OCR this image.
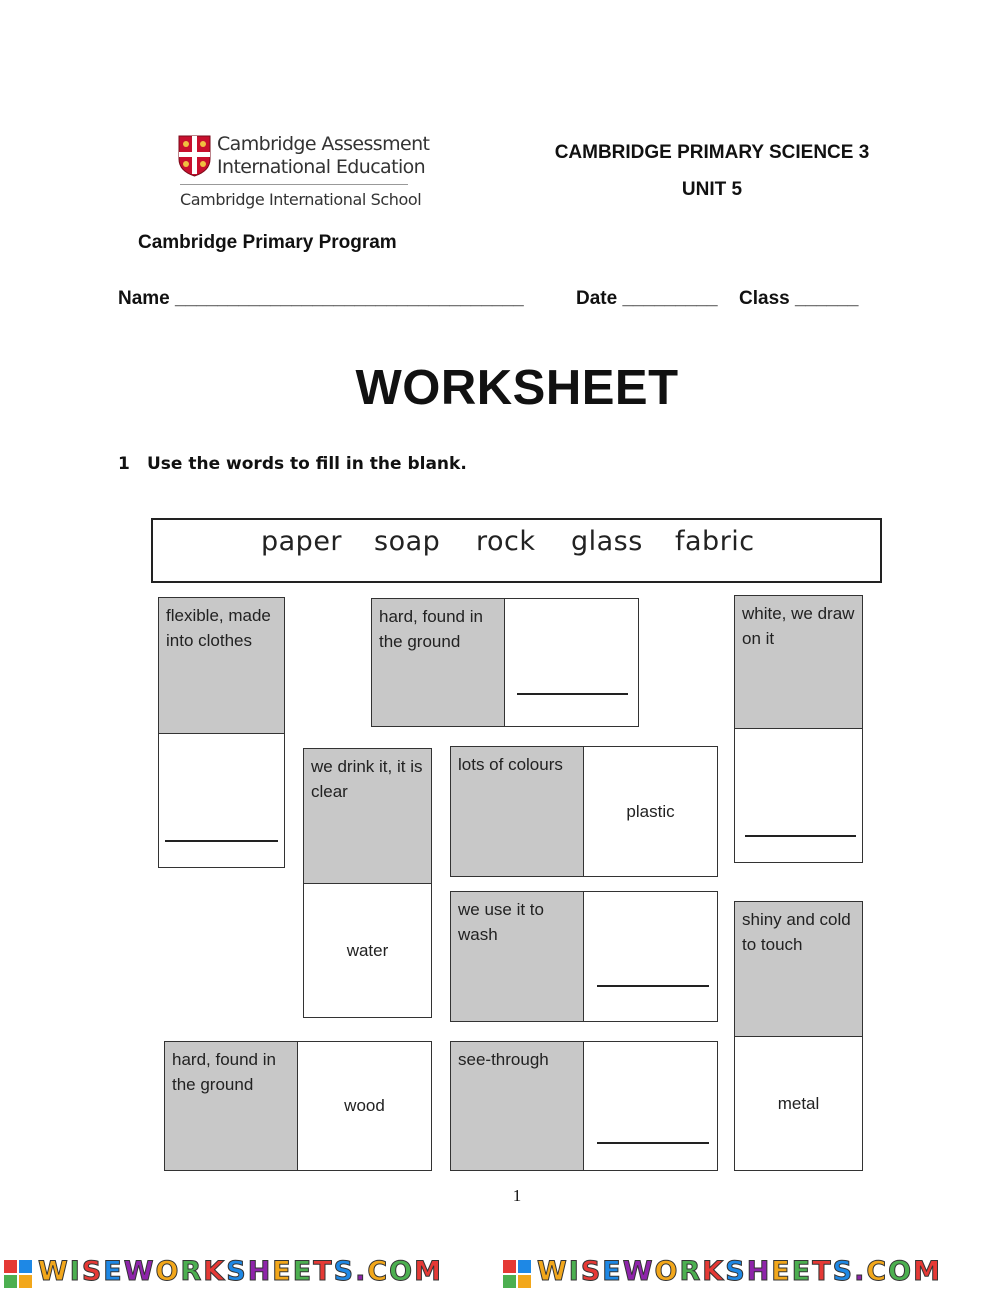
Cambridge Assessment
International Education
Cambridge International School
CAMBRIDGE PRIMARY SCIENCE 3
UNIT 5
Cambridge Primary Program
Name _________________________________	Date _________ Class ______
WORKSHEET
1 Use the words to fill in the blank.
paper soap rock glass fabric
flexible, made into clothes
hard, found in the ground
white, we draw on it
we drink it, it is clear
water
lots of colours
plastic
we use it to wash
shiny and cold to touch
metal
hard, found in the ground
wood
see-through
1
WISEWORKSHEETS.COM	WISEWORKSHEETS.COM
